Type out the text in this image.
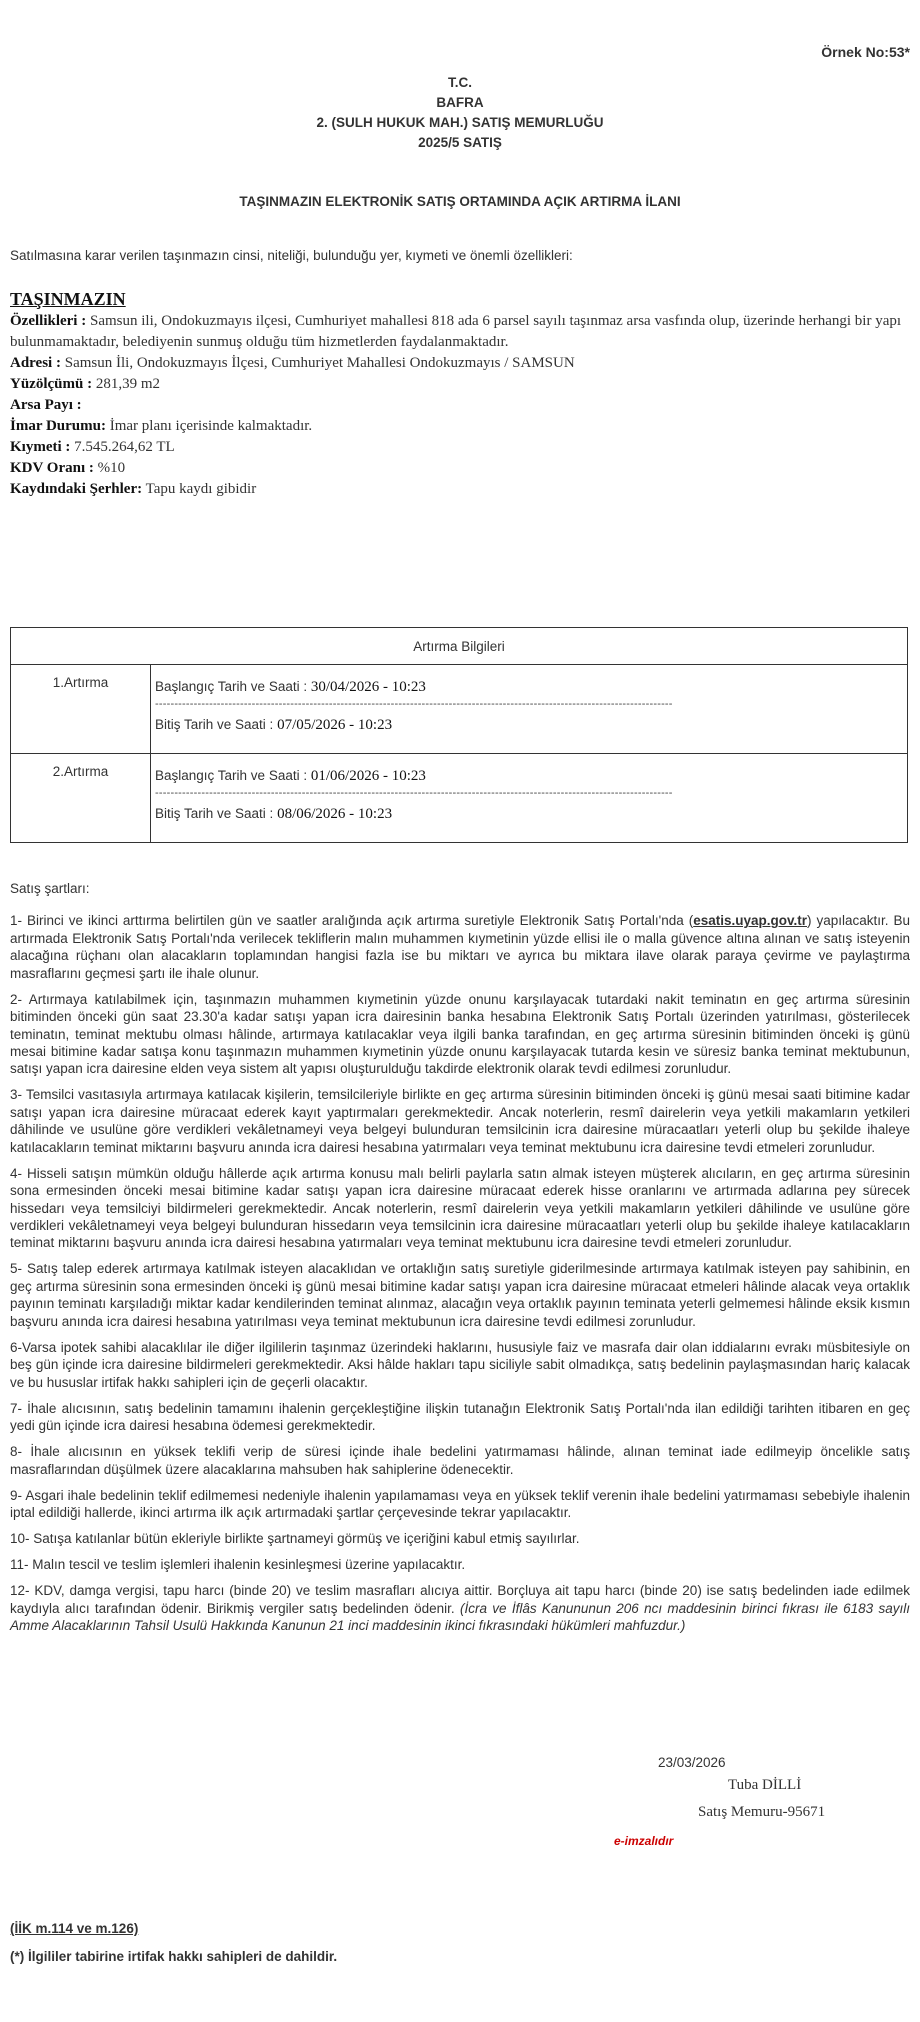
Örnek No:53*
T.C.
BAFRA
2. (SULH HUKUK MAH.) SATIŞ MEMURLUĞU
2025/5 SATIŞ
TAŞINMAZIN ELEKTRONİK SATIŞ ORTAMINDA AÇIK ARTIRMA İLANI
Satılmasına karar verilen taşınmazın cinsi, niteliği, bulunduğu yer, kıymeti ve önemli özellikleri:
TAŞINMAZIN
Özellikleri : Samsun ili, Ondokuzmayıs ilçesi, Cumhuriyet mahallesi 818 ada 6 parsel sayılı taşınmaz arsa vasfında olup, üzerinde herhangi bir yapı bulunmamaktadır, belediyenin sunmuş olduğu tüm hizmetlerden faydalanmaktadır.
Adresi : Samsun İli, Ondokuzmayıs İlçesi, Cumhuriyet Mahallesi Ondokuzmayıs / SAMSUN
Yüzölçümü : 281,39 m2
Arsa Payı :
İmar Durumu: İmar planı içerisinde kalmaktadır.
Kıymeti : 7.545.264,62 TL
KDV Oranı : %10
Kaydındaki Şerhler: Tapu kaydı gibidir
Artırma Bilgileri	
1.Artırma	Başlangıç Tarih ve Saati : 30/04/2026 - 10:23
--------------------------------------------------------------------------------------------------------------------------------------
Bitiş Tarih ve Saati : 07/05/2026 - 10:23

2.Artırma	Başlangıç Tarih ve Saati : 01/06/2026 - 10:23
--------------------------------------------------------------------------------------------------------------------------------------
Bitiş Tarih ve Saati : 08/06/2026 - 10:23

Satış şartları:

1- Birinci ve ikinci arttırma belirtilen gün ve saatler aralığında açık artırma suretiyle Elektronik Satış Portalı'nda (esatis.uyap.gov.tr) yapılacaktır. Bu artırmada Elektronik Satış Portalı'nda verilecek tekliflerin malın muhammen kıymetinin yüzde ellisi ile o malla güvence altına alınan ve satış isteyenin alacağına rüçhanı olan alacakların toplamından hangisi fazla ise bu miktarı ve ayrıca bu miktara ilave olarak paraya çevirme ve paylaştırma masraflarını geçmesi şartı ile ihale olunur.

2- Artırmaya katılabilmek için, taşınmazın muhammen kıymetinin yüzde onunu karşılayacak tutardaki nakit teminatın en geç artırma süresinin bitiminden önceki gün saat 23.30'a kadar satışı yapan icra dairesinin banka hesabına Elektronik Satış Portalı üzerinden yatırılması, gösterilecek teminatın, teminat mektubu olması hâlinde, artırmaya katılacaklar veya ilgili banka tarafından, en geç artırma süresinin bitiminden önceki iş günü mesai bitimine kadar satışa konu taşınmazın muhammen kıymetinin yüzde onunu karşılayacak tutarda kesin ve süresiz banka teminat mektubunun, satışı yapan icra dairesine elden veya sistem alt yapısı oluşturulduğu takdirde elektronik olarak tevdi edilmesi zorunludur.

3- Temsilci vasıtasıyla artırmaya katılacak kişilerin, temsilcileriyle birlikte en geç artırma süresinin bitiminden önceki iş günü mesai saati bitimine kadar satışı yapan icra dairesine müracaat ederek kayıt yaptırmaları gerekmektedir. Ancak noterlerin, resmî dairelerin veya yetkili makamların yetkileri dâhilinde ve usulüne göre verdikleri vekâletnameyi veya belgeyi bulunduran temsilcinin icra dairesine müracaatları yeterli olup bu şekilde ihaleye katılacakların teminat miktarını başvuru anında icra dairesi hesabına yatırmaları veya teminat mektubunu icra dairesine tevdi etmeleri zorunludur.

4- Hisseli satışın mümkün olduğu hâllerde açık artırma konusu malı belirli paylarla satın almak isteyen müşterek alıcıların, en geç artırma süresinin sona ermesinden önceki mesai bitimine kadar satışı yapan icra dairesine müracaat ederek hisse oranlarını ve artırmada adlarına pey sürecek hissedarı veya temsilciyi bildirmeleri gerekmektedir. Ancak noterlerin, resmî dairelerin veya yetkili makamların yetkileri dâhilinde ve usulüne göre verdikleri vekâletnameyi veya belgeyi bulunduran hissedarın veya temsilcinin icra dairesine müracaatları yeterli olup bu şekilde ihaleye katılacakların teminat miktarını başvuru anında icra dairesi hesabına yatırmaları veya teminat mektubunu icra dairesine tevdi etmeleri zorunludur.

5- Satış talep ederek artırmaya katılmak isteyen alacaklıdan ve ortaklığın satış suretiyle giderilmesinde artırmaya katılmak isteyen pay sahibinin, en geç artırma süresinin sona ermesinden önceki iş günü mesai bitimine kadar satışı yapan icra dairesine müracaat etmeleri hâlinde alacak veya ortaklık payının teminatı karşıladığı miktar kadar kendilerinden teminat alınmaz, alacağın veya ortaklık payının teminata yeterli gelmemesi hâlinde eksik kısmın başvuru anında icra dairesi hesabına yatırılması veya teminat mektubunun icra dairesine tevdi edilmesi zorunludur.

6-Varsa ipotek sahibi alacaklılar ile diğer ilgililerin taşınmaz üzerindeki haklarını, hususiyle faiz ve masrafa dair olan iddialarını evrakı müsbitesiyle on beş gün içinde icra dairesine bildirmeleri gerekmektedir. Aksi hâlde hakları tapu siciliyle sabit olmadıkça, satış bedelinin paylaşmasından hariç kalacak ve bu hususlar irtifak hakkı sahipleri için de geçerli olacaktır.

7- İhale alıcısının, satış bedelinin tamamını ihalenin gerçekleştiğine ilişkin tutanağın Elektronik Satış Portalı'nda ilan edildiği tarihten itibaren en geç yedi gün içinde icra dairesi hesabına ödemesi gerekmektedir.

8- İhale alıcısının en yüksek teklifi verip de süresi içinde ihale bedelini yatırmaması hâlinde, alınan teminat iade edilmeyip öncelikle satış masraflarından düşülmek üzere alacaklarına mahsuben hak sahiplerine ödenecektir.

9- Asgari ihale bedelinin teklif edilmemesi nedeniyle ihalenin yapılamaması veya en yüksek teklif verenin ihale bedelini yatırmaması sebebiyle ihalenin iptal edildiği hallerde, ikinci artırma ilk açık artırmadaki şartlar çerçevesinde tekrar yapılacaktır.

10- Satışa katılanlar bütün ekleriyle birlikte şartnameyi görmüş ve içeriğini kabul etmiş sayılırlar.

11- Malın tescil ve teslim işlemleri ihalenin kesinleşmesi üzerine yapılacaktır.

12- KDV, damga vergisi, tapu harcı (binde 20) ve teslim masrafları alıcıya aittir. Borçluya ait tapu harcı (binde 20) ise satış bedelinden iade edilmek kaydıyla alıcı tarafından ödenir. Birikmiş vergiler satış bedelinden ödenir. (İcra ve İflâs Kanununun 206 ncı maddesinin birinci fıkrası ile 6183 sayılı Amme Alacaklarının Tahsil Usulü Hakkında Kanunun 21 inci maddesinin ikinci fıkrasındaki hükümleri mahfuzdur.)

23/03/2026
Tuba DİLLİ
Satış Memuru-95671
e-imzalıdır
(İİK m.114 ve m.126)
(*) İlgililer tabirine irtifak hakkı sahipleri de dahildir.
